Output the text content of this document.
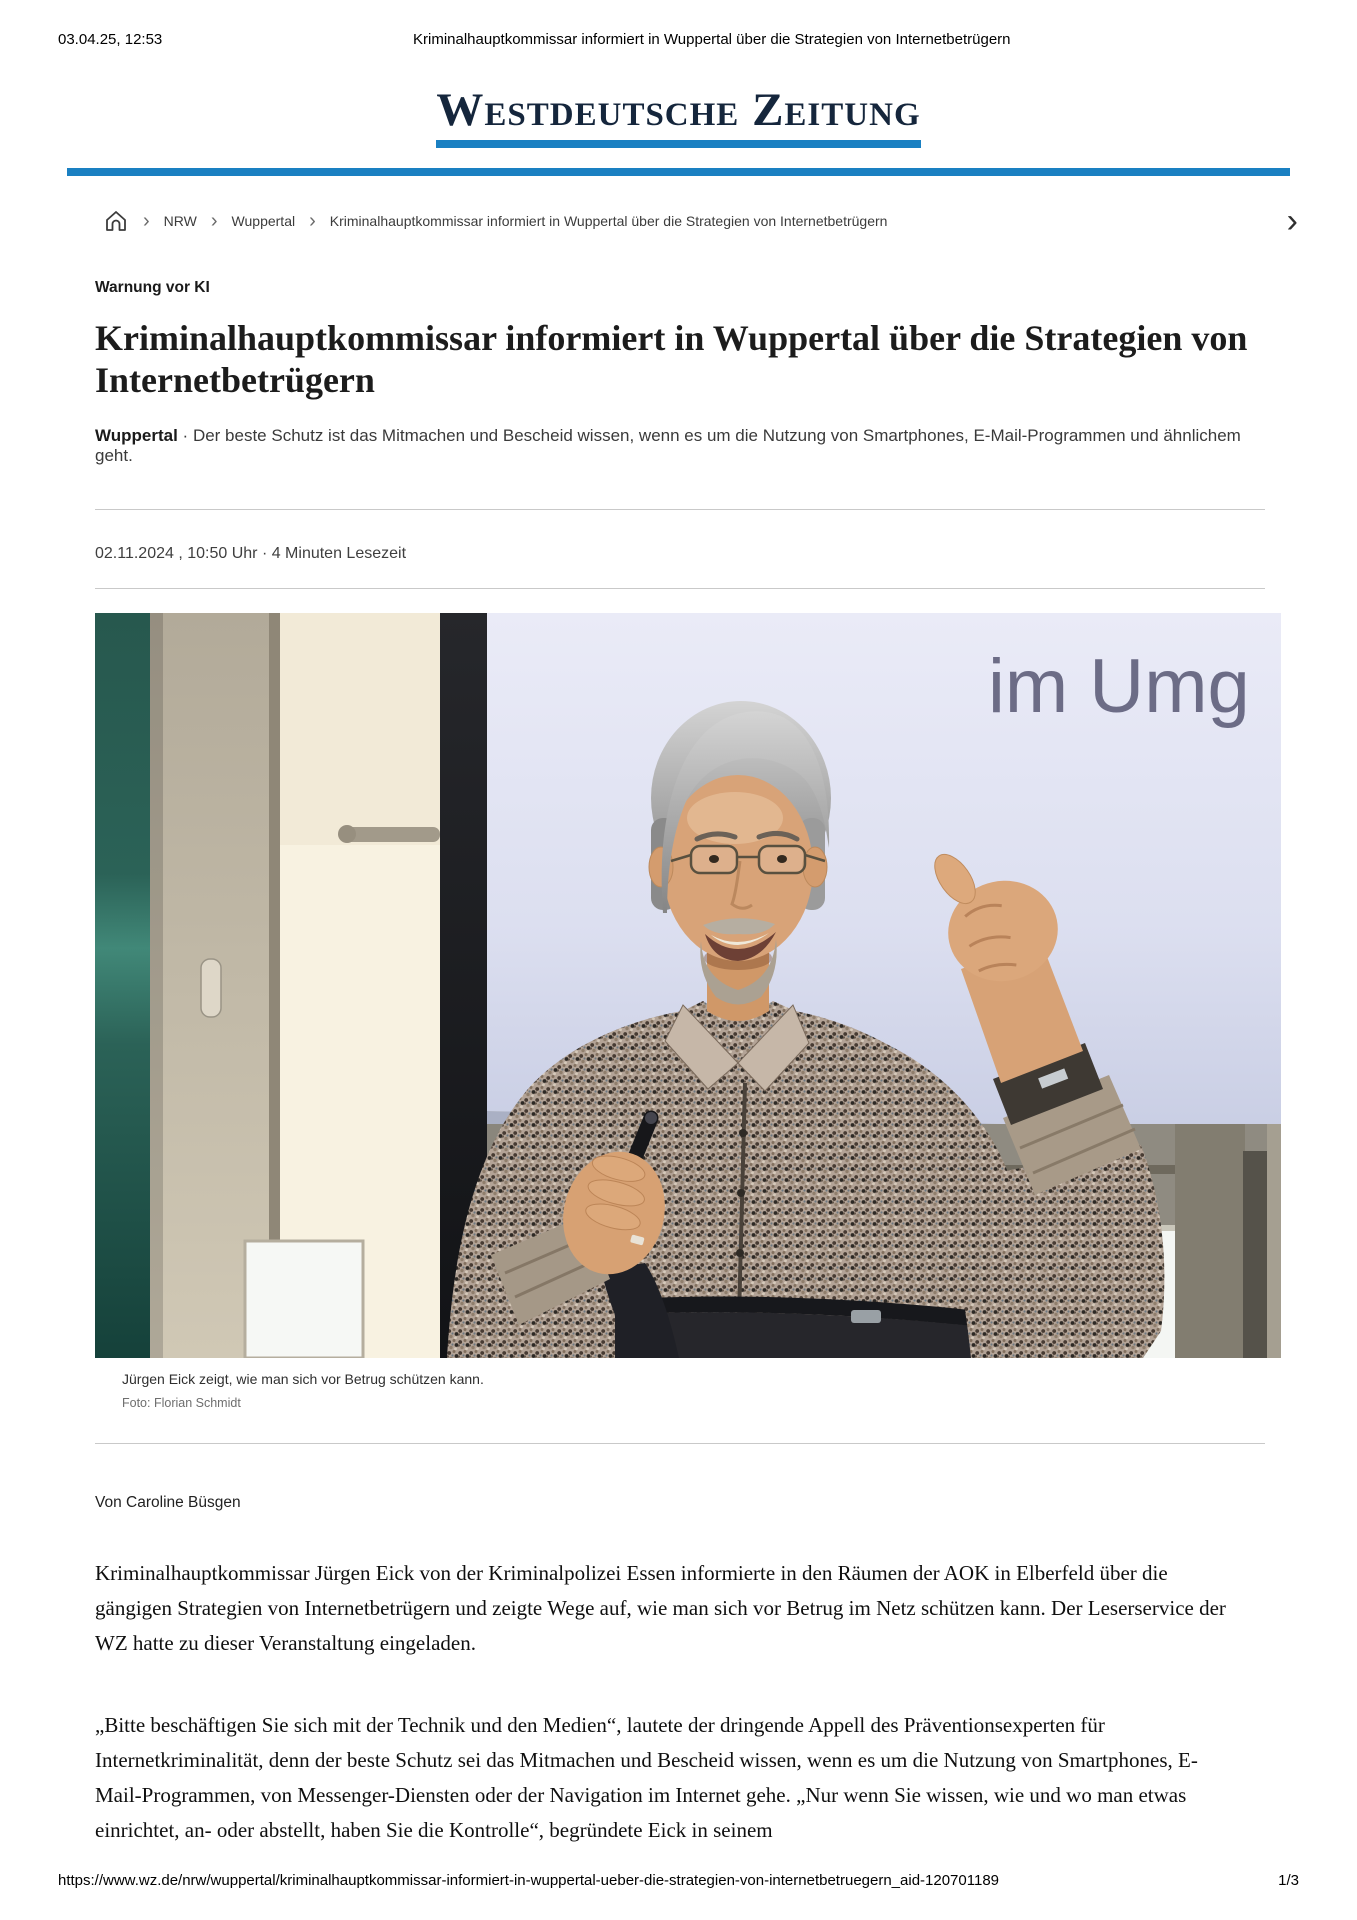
03.04.25, 12:53	Kriminalhauptkommissar informiert in Wuppertal über die Strategien von Internetbetrügern
Westdeutsche Zeitung
› NRW › Wuppertal › Kriminalhauptkommissar informiert in Wuppertal über die Strategien von Internetbetrügern	›
Warnung vor KI
Kriminalhauptkommissar informiert in Wuppertal über die Strategien von Internetbetrügern
Wuppertal · Der beste Schutz ist das Mitmachen und Bescheid wissen, wenn es um die Nutzung von Smartphones, E-Mail-Programmen und ähnlichem geht.
02.11.2024 , 10:50 Uhr · 4 Minuten Lesezeit
im Umg
Jürgen Eick zeigt, wie man sich vor Betrug schützen kann.
Foto: Florian Schmidt
Von Caroline Büsgen

Kriminalhauptkommissar Jürgen Eick von der Kriminalpolizei Essen informierte in den Räumen der AOK in Elberfeld über die gängigen Strategien von Internetbetrügern und zeigte Wege auf, wie man sich vor Betrug im Netz schützen kann. Der Leserservice der WZ hatte zu dieser Veranstaltung eingeladen.

„Bitte beschäftigen Sie sich mit der Technik und den Medien“, lautete der dringende Appell des Präventionsexperten für Internetkriminalität, denn der beste Schutz sei das Mitmachen und Bescheid wissen, wenn es um die Nutzung von Smartphones, E-Mail-Programmen, von Messenger-Diensten oder der Navigation im Internet gehe. „Nur wenn Sie wissen, wie und wo man etwas einrichtet, an- oder abstellt, haben Sie die Kontrolle“, begründete Eick in seinem

https://www.wz.de/nrw/wuppertal/kriminalhauptkommissar-informiert-in-wuppertal-ueber-die-strategien-von-internetbetruegern_aid-120701189	1/3
